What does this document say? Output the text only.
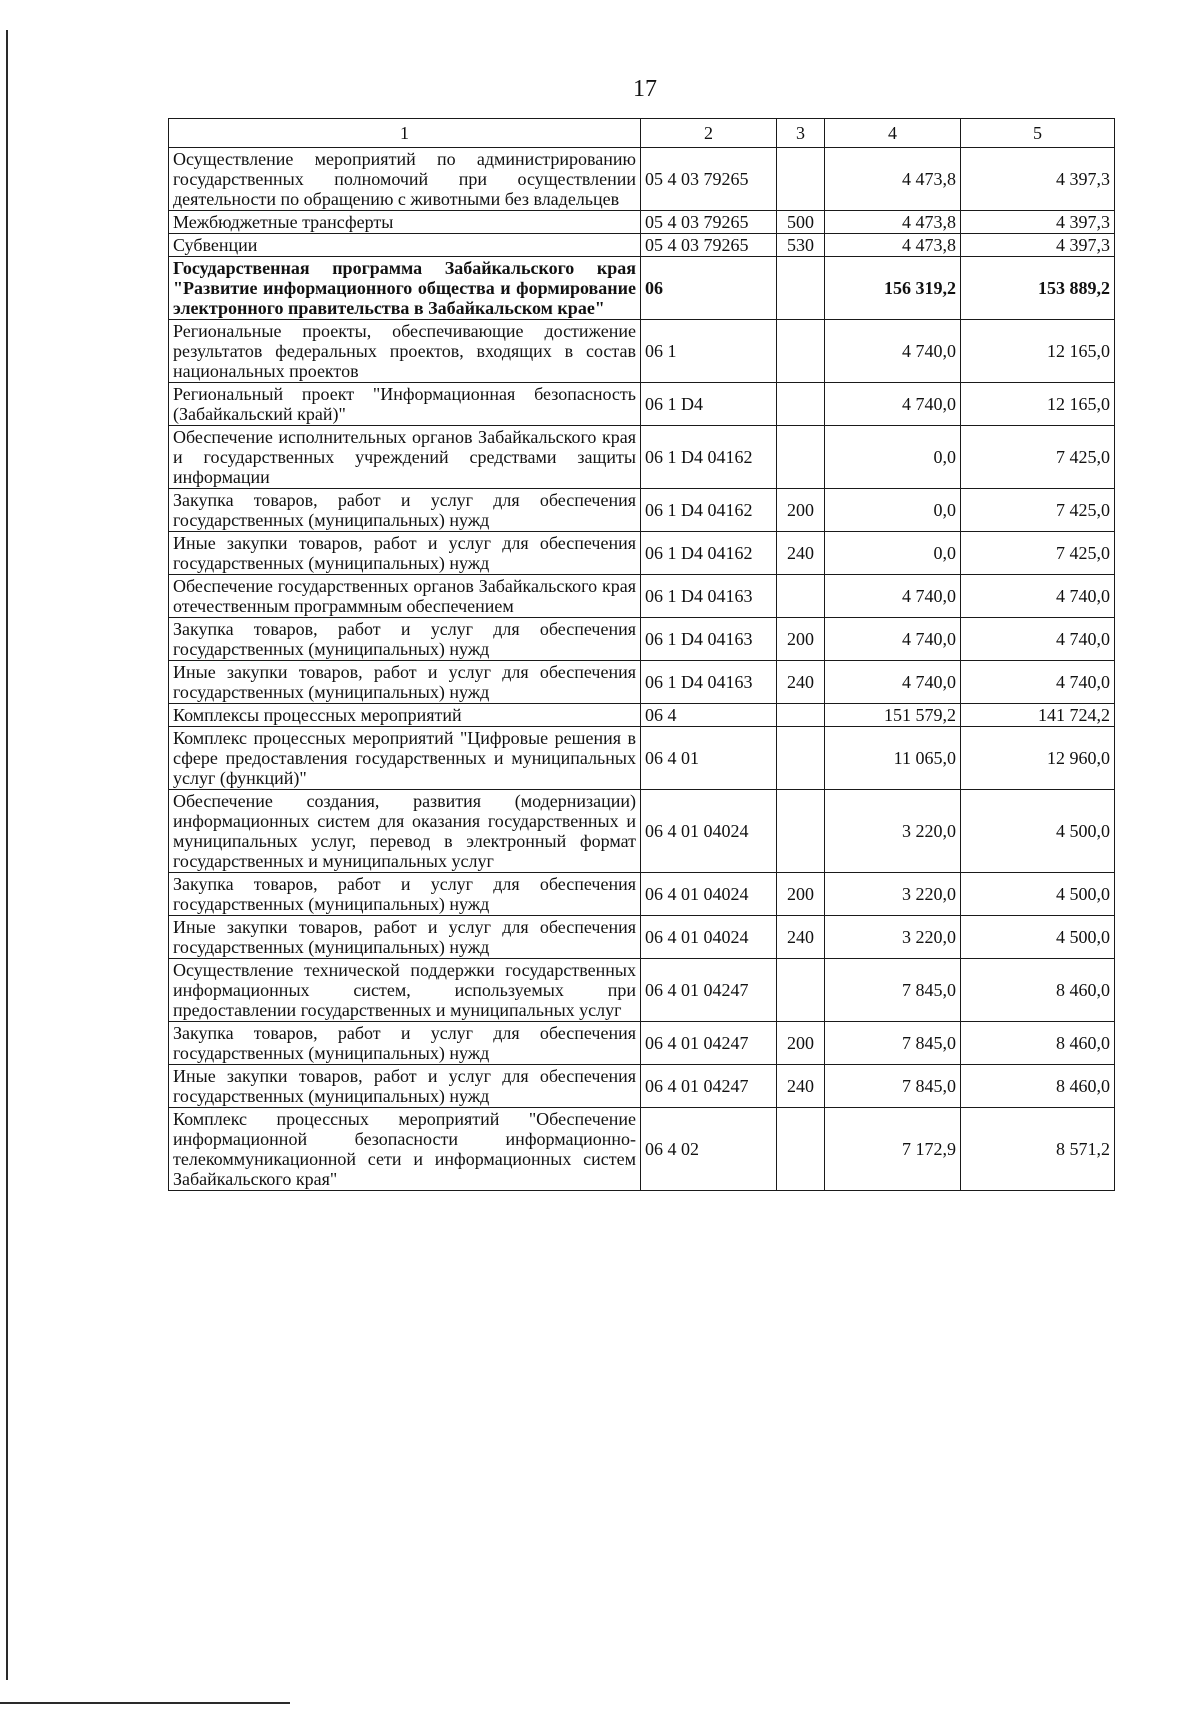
17
1	2	3	4	5
Осуществление мероприятий по администрированию государственных полномочий при осуществлении деятельности по обращению с животными без владельцев	05 4 03 79265		4 473,8	4 397,3
Межбюджетные трансферты	05 4 03 79265	500	4 473,8	4 397,3
Субвенции	05 4 03 79265	530	4 473,8	4 397,3
Государственная программа Забайкальского края "Развитие информационного общества и формирование электронного правительства в Забайкальском крае"	06		156 319,2	153 889,2
Региональные проекты, обеспечивающие достижение результатов федеральных проектов, входящих в состав национальных проектов	06 1		4 740,0	12 165,0
Региональный проект "Информационная безопасность (Забайкальский край)"	06 1 D4		4 740,0	12 165,0
Обеспечение исполнительных органов Забайкальского края и государственных учреждений средствами защиты информации	06 1 D4 04162		0,0	7 425,0
Закупка товаров, работ и услуг для обеспечения государственных (муниципальных) нужд	06 1 D4 04162	200	0,0	7 425,0
Иные закупки товаров, работ и услуг для обеспечения государственных (муниципальных) нужд	06 1 D4 04162	240	0,0	7 425,0
Обеспечение государственных органов Забайкальского края отечественным программным обеспечением	06 1 D4 04163		4 740,0	4 740,0
Закупка товаров, работ и услуг для обеспечения государственных (муниципальных) нужд	06 1 D4 04163	200	4 740,0	4 740,0
Иные закупки товаров, работ и услуг для обеспечения государственных (муниципальных) нужд	06 1 D4 04163	240	4 740,0	4 740,0
Комплексы процессных мероприятий	06 4		151 579,2	141 724,2
Комплекс процессных мероприятий "Цифровые решения в сфере предоставления государственных и муниципальных услуг (функций)"	06 4 01		11 065,0	12 960,0
Обеспечение создания, развития (модернизации) информационных систем для оказания государственных и муниципальных услуг, перевод в электронный формат государственных и муниципальных услуг	06 4 01 04024		3 220,0	4 500,0
Закупка товаров, работ и услуг для обеспечения государственных (муниципальных) нужд	06 4 01 04024	200	3 220,0	4 500,0
Иные закупки товаров, работ и услуг для обеспечения государственных (муниципальных) нужд	06 4 01 04024	240	3 220,0	4 500,0
Осуществление технической поддержки государственных информационных систем, используемых при предоставлении государственных и муниципальных услуг	06 4 01 04247		7 845,0	8 460,0
Закупка товаров, работ и услуг для обеспечения государственных (муниципальных) нужд	06 4 01 04247	200	7 845,0	8 460,0
Иные закупки товаров, работ и услуг для обеспечения государственных (муниципальных) нужд	06 4 01 04247	240	7 845,0	8 460,0
Комплекс процессных мероприятий "Обеспечение информационной безопасности информационно-телекоммуникационной сети и информационных систем Забайкальского края"	06 4 02		7 172,9	8 571,2
